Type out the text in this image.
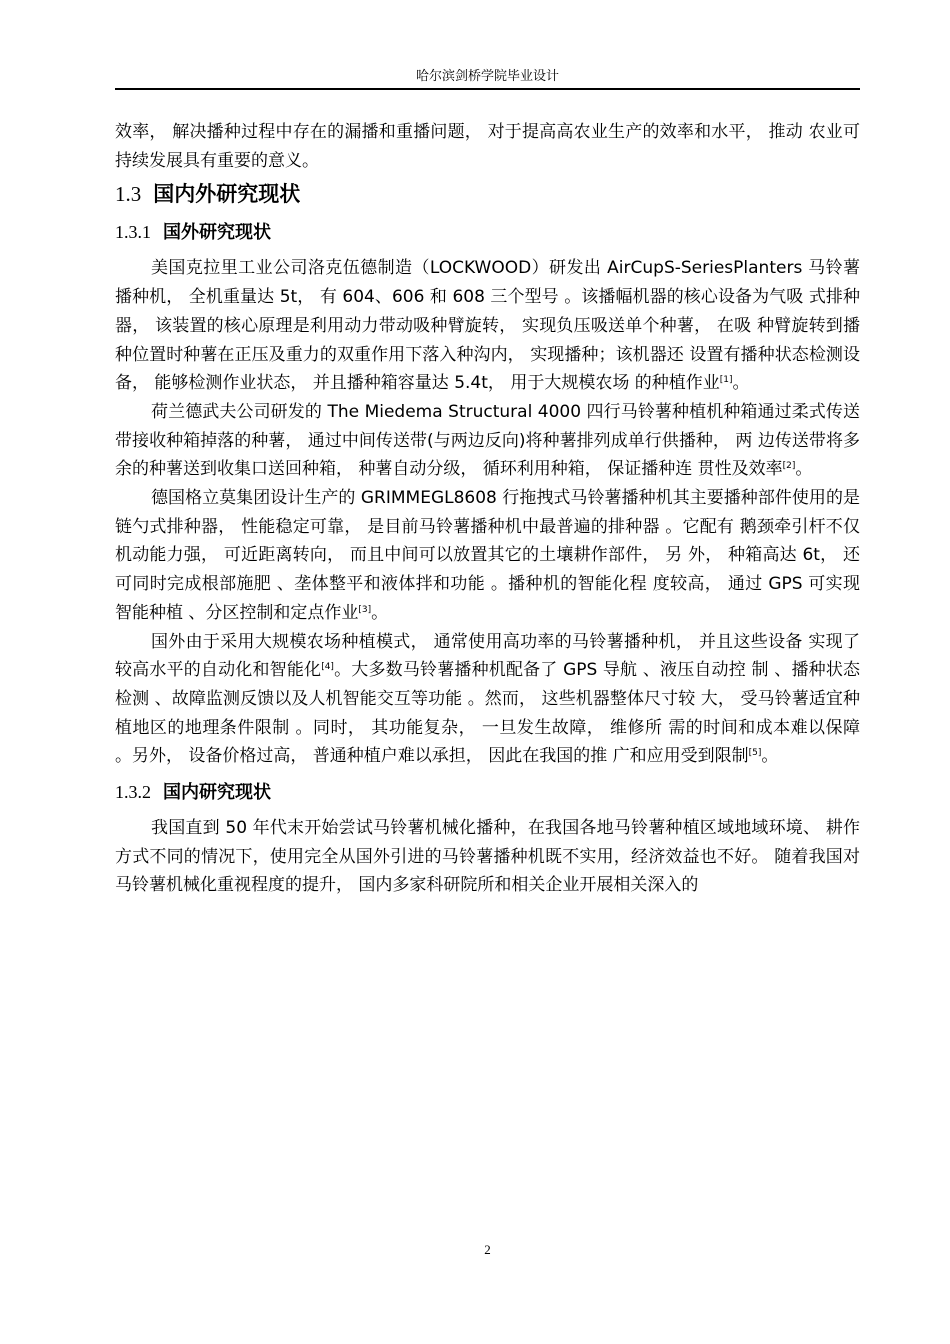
哈尔滨剑桥学院毕业设计

效率， 解决播种过程中存在的漏播和重播问题， 对于提高高农业生产的效率和水平， 推动 农业可持续发展具有重要的意义。

1.3 国内外研究现状
1.3.1 国外研究现状

美国克拉里工业公司洛克伍德制造（LOCKWOOD）研发出 AirCupS-SeriesPlanters 马铃薯播种机， 全机重量达 5t， 有 604、606 和 608 三个型号 。该播幅机器的核心设备为气吸 式排种器， 该装置的核心原理是利用动力带动吸种臂旋转， 实现负压吸送单个种薯， 在吸 种臂旋转到播种位置时种薯在正压及重力的双重作用下落入种沟内， 实现播种；该机器还 设置有播种状态检测设备， 能够检测作业状态， 并且播种箱容量达 5.4t， 用于大规模农场 的种植作业[1]。

荷兰德武夫公司研发的 The Miedema Structural 4000 四行马铃薯种植机种箱通过柔式传送带接收种箱掉落的种薯， 通过中间传送带(与两边反向)将种薯排列成单行供播种， 两 边传送带将多余的种薯送到收集口送回种箱， 种薯自动分级， 循环利用种箱， 保证播种连 贯性及效率[2]。

德国格立莫集团设计生产的 GRIMMEGL8608 行拖拽式马铃薯播种机其主要播种部件使用的是链勺式排种器， 性能稳定可靠， 是目前马铃薯播种机中最普遍的排种器 。它配有 鹅颈牵引杆不仅机动能力强， 可近距离转向， 而且中间可以放置其它的土壤耕作部件， 另 外， 种箱高达 6t， 还可同时完成根部施肥 、垄体整平和液体拌和功能 。播种机的智能化程 度较高， 通过 GPS 可实现智能种植 、分区控制和定点作业[3]。

国外由于采用大规模农场种植模式， 通常使用高功率的马铃薯播种机， 并且这些设备 实现了较高水平的自动化和智能化[4]。大多数马铃薯播种机配备了 GPS 导航 、液压自动控 制 、播种状态检测 、故障监测反馈以及人机智能交互等功能 。然而， 这些机器整体尺寸较 大， 受马铃薯适宜种植地区的地理条件限制 。同时， 其功能复杂， 一旦发生故障， 维修所 需的时间和成本难以保障 。另外， 设备价格过高， 普通种植户难以承担， 因此在我国的推 广和应用受到限制[5]。

1.3.2 国内研究现状

我国直到 50 年代末开始尝试马铃薯机械化播种，在我国各地马铃薯种植区域地域环境、 耕作方式不同的情况下，使用完全从国外引进的马铃薯播种机既不实用，经济效益也不好。 随着我国对马铃薯机械化重视程度的提升， 国内多家科研院所和相关企业开展相关深入的

2
